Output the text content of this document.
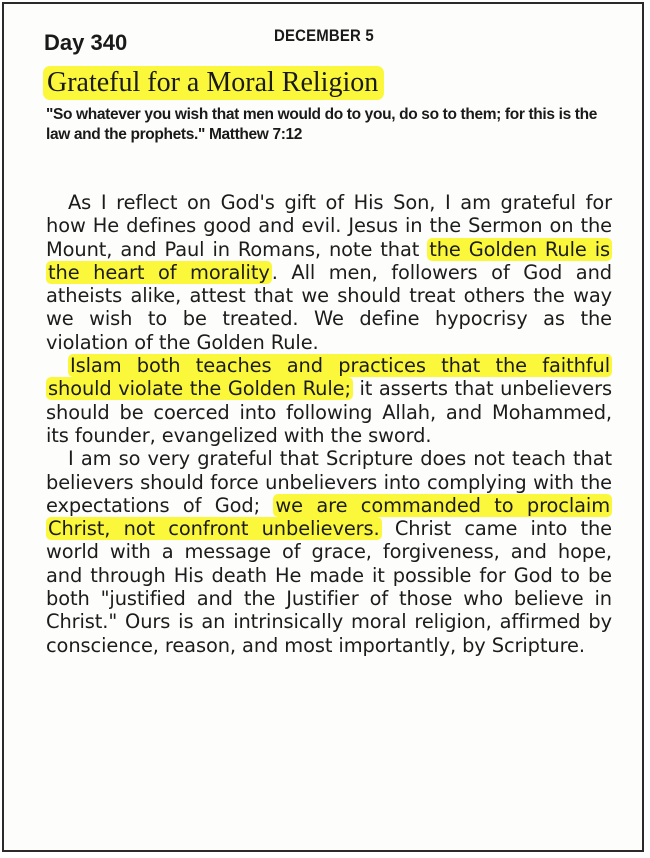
Day 340	DECEMBER 5
Grateful for a Moral Religion
"So whatever you wish that men would do to you, do so to them; for this is the law and the prophets." Matthew 7:12

As I reflect on God's gift of His Son, I am grateful for how He defines good and evil. Jesus in the Sermon on the Mount, and Paul in Romans, note that the Golden Rule is the heart of morality . All men, followers of God and atheists alike, attest that we should treat others the way we wish to be treated. We define hypocrisy as the violation of the Golden Rule.

Islam both teaches and practices that the faithful should violate the Golden Rule; it asserts that unbelievers should be coerced into following Allah, and Mohammed, its founder, evangelized with the sword.

I am so very grateful that Scripture does not teach that believers should force unbelievers into complying with the expectations of God; we are commanded to proclaim Christ, not confront unbelievers. Christ came into the world with a message of grace, forgiveness, and hope, and through His death He made it possible for God to be both "justified and the Justifier of those who believe in Christ." Ours is an intrinsically moral religion, affirmed by conscience, reason, and most importantly, by Scripture.
